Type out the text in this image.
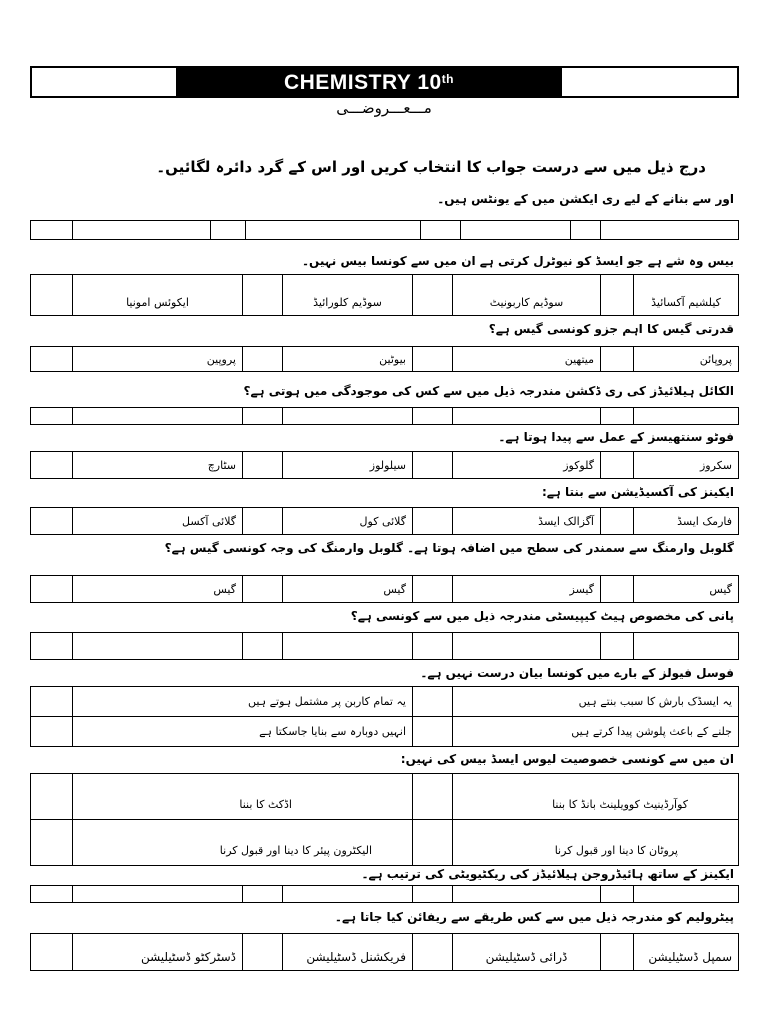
CHEMISTRY 10th
مـــعـــروضـــی
درج ذیل میں سے درست جواب کا انتخاب کریں اور اس کے گرد دائرہ لگائیں۔
اور سے بنانے کے لیے ری ایکشن میں کے یونٹس ہیں۔

بیس وہ شے ہے جو ایسڈ کو نیوٹرل کرتی ہے ان میں سے کونسا بیس نہیں۔
	ایکوئس امونیا		سوڈیم کلورائیڈ		سوڈیم کاربونیٹ		کیلشیم آکسائیڈ
قدرتی گیس کا اہم جزو کونسی گیس ہے؟
	پروپین		بیوٹین		میتھین		پروپائن
الکائل ہیلائیڈز کی ری ڈکشن مندرجہ ذیل میں سے کس کی موجودگی میں ہوتی ہے؟

فوٹو سنتھیسز کے عمل سے پیدا ہوتا ہے۔
	سٹارچ		سیلولوز		گلوکوز		سکروز
ایکینز کی آکسیڈیشن سے بنتا ہے:
	گلائی آکسل		گلائی کول		آگزالک ایسڈ		فارمک ایسڈ
گلوبل وارمنگ سے سمندر کی سطح میں اضافہ ہوتا ہے۔ گلوبل وارمنگ کی وجہ کونسی گیس ہے؟
	گیس		گیس		گیسز		گیس
پانی کی مخصوص ہیٹ کیپیسٹی مندرجہ ذیل میں سے کونسی ہے؟

فوسل فیولز کے بارے میں کونسا بیان درست نہیں ہے۔
	یہ تمام کاربن پر مشتمل ہوتے ہیں		یہ ایسڈک بارش کا سبب بنتے ہیں
	انہیں دوبارہ سے بنایا جاسکتا ہے		جلنے کے باعث پلوشن پیدا کرتے ہیں
ان میں سے کونسی خصوصیت لیوس ایسڈ بیس کی نہیں:
	اڈکٹ کا بننا		کوآرڈینیٹ کوویلینٹ بانڈ کا بننا
	الیکٹرون پیئر کا دینا اور قبول کرنا		پروٹان کا دینا اور قبول کرنا
ایکینز کے ساتھ ہائیڈروجن ہیلائیڈز کی ریکٹیویٹی کی ترتیب ہے۔

پیٹرولیم کو مندرجہ ذیل میں سے کس طریقے سے ریفائن کیا جاتا ہے۔
	ڈسٹرکٹو ڈسٹیلیشن		فریکشنل ڈسٹیلیشن		ڈرائی ڈسٹیلیشن		سمپل ڈسٹیلیشن
